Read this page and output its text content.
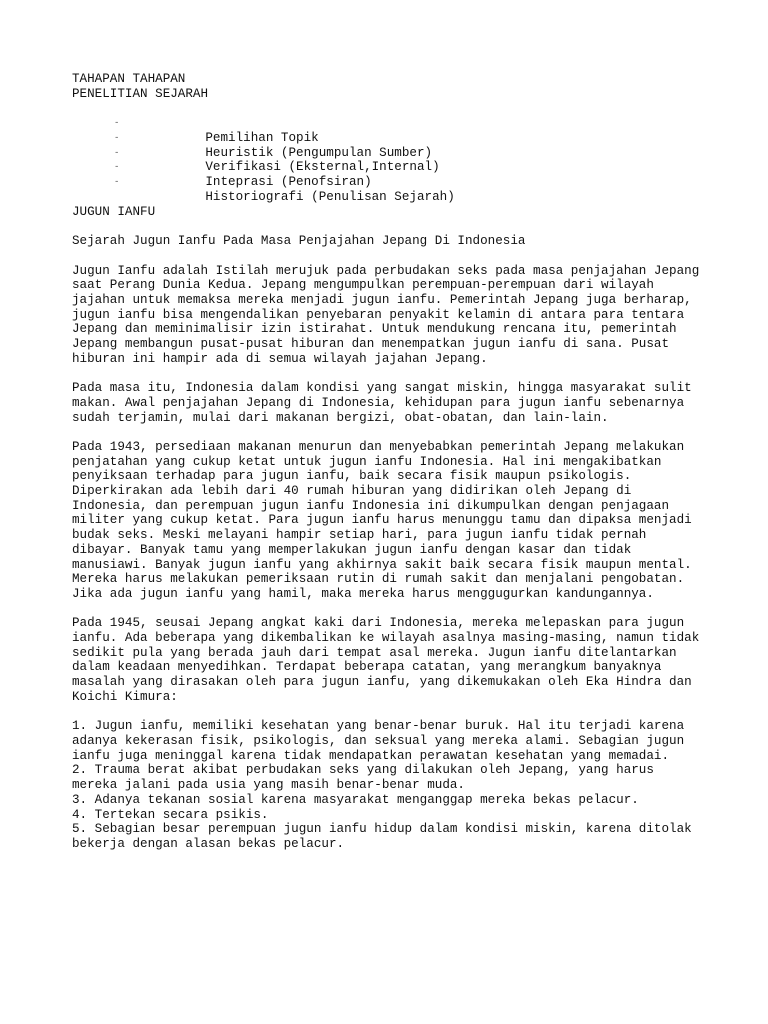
TAHAPAN TAHAPAN
PENELITIAN SEJARAH

-
Pemilihan Topik

-
Heuristik (Pengumpulan Sumber)

-
Verifikasi (Eksternal,Internal)

-
Inteprasi (Penofsiran)

-
Historiografi (Penulisan Sejarah)

JUGUN IANFU

Sejarah Jugun Ianfu Pada Masa Penjajahan Jepang Di Indonesia

Jugun Ianfu adalah Istilah merujuk pada perbudakan seks pada masa penjajahan Jepang
saat Perang Dunia Kedua. Jepang mengumpulkan perempuan-perempuan dari wilayah
jajahan untuk memaksa mereka menjadi jugun ianfu. Pemerintah Jepang juga berharap,
jugun ianfu bisa mengendalikan penyebaran penyakit kelamin di antara para tentara
Jepang dan meminimalisir izin istirahat. Untuk mendukung rencana itu, pemerintah
Jepang membangun pusat-pusat hiburan dan menempatkan jugun ianfu di sana. Pusat
hiburan ini hampir ada di semua wilayah jajahan Jepang.

Pada masa itu, Indonesia dalam kondisi yang sangat miskin, hingga masyarakat sulit
makan. Awal penjajahan Jepang di Indonesia, kehidupan para jugun ianfu sebenarnya
sudah terjamin, mulai dari makanan bergizi, obat-obatan, dan lain-lain.

Pada 1943, persediaan makanan menurun dan menyebabkan pemerintah Jepang melakukan
penjatahan yang cukup ketat untuk jugun ianfu Indonesia. Hal ini mengakibatkan
penyiksaan terhadap para jugun ianfu, baik secara fisik maupun psikologis.
Diperkirakan ada lebih dari 40 rumah hiburan yang didirikan oleh Jepang di
Indonesia, dan perempuan jugun ianfu Indonesia ini dikumpulkan dengan penjagaan
militer yang cukup ketat. Para jugun ianfu harus menunggu tamu dan dipaksa menjadi
budak seks. Meski melayani hampir setiap hari, para jugun ianfu tidak pernah
dibayar. Banyak tamu yang memperlakukan jugun ianfu dengan kasar dan tidak
manusiawi. Banyak jugun ianfu yang akhirnya sakit baik secara fisik maupun mental.
Mereka harus melakukan pemeriksaan rutin di rumah sakit dan menjalani pengobatan.
Jika ada jugun ianfu yang hamil, maka mereka harus menggugurkan kandungannya.

Pada 1945, seusai Jepang angkat kaki dari Indonesia, mereka melepaskan para jugun
ianfu. Ada beberapa yang dikembalikan ke wilayah asalnya masing-masing, namun tidak
sedikit pula yang berada jauh dari tempat asal mereka. Jugun ianfu ditelantarkan
dalam keadaan menyedihkan. Terdapat beberapa catatan, yang merangkum banyaknya
masalah yang dirasakan oleh para jugun ianfu, yang dikemukakan oleh Eka Hindra dan
Koichi Kimura:

1. Jugun ianfu, memiliki kesehatan yang benar-benar buruk. Hal itu terjadi karena
adanya kekerasan fisik, psikologis, dan seksual yang mereka alami. Sebagian jugun
ianfu juga meninggal karena tidak mendapatkan perawatan kesehatan yang memadai.
2. Trauma berat akibat perbudakan seks yang dilakukan oleh Jepang, yang harus
mereka jalani pada usia yang masih benar-benar muda.
3. Adanya tekanan sosial karena masyarakat menganggap mereka bekas pelacur.
4. Tertekan secara psikis.
5. Sebagian besar perempuan jugun ianfu hidup dalam kondisi miskin, karena ditolak
bekerja dengan alasan bekas pelacur.
